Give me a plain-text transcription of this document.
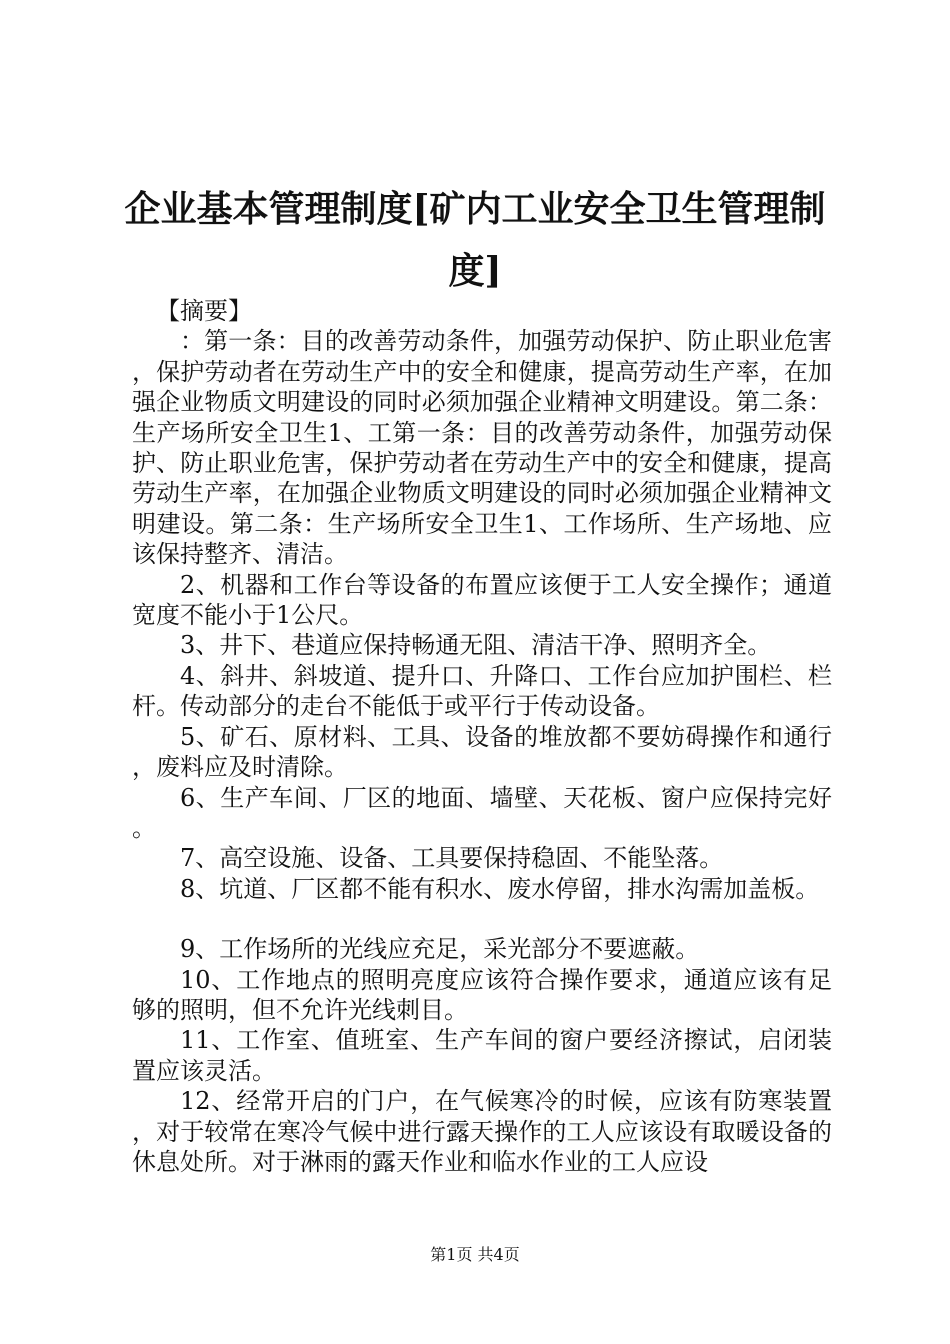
企业基本管理制度[矿内工业安全卫生管理制度]

【摘要】

：第一条：目的改善劳动条件，加强劳动保护、防止职业危害，保护劳动者在劳动生产中的安全和健康，提高劳动生产率，在加强企业物质文明建设的同时必须加强企业精神文明建设。第二条：生产场所安全卫生1、工第一条：目的改善劳动条件，加强劳动保护、防止职业危害，保护劳动者在劳动生产中的安全和健康，提高劳动生产率，在加强企业物质文明建设的同时必须加强企业精神文明建设。第二条：生产场所安全卫生1、工作场所、生产场地、应该保持整齐、清洁。

2、机器和工作台等设备的布置应该便于工人安全操作；通道宽度不能小于1公尺。

3、井下、巷道应保持畅通无阻、清洁干净、照明齐全。

4、斜井、斜坡道、提升口、升降口、工作台应加护围栏、栏杆。传动部分的走台不能低于或平行于传动设备。

5、矿石、原材料、工具、设备的堆放都不要妨碍操作和通行，废料应及时清除。

6、生产车间、厂区的地面、墙壁、天花板、窗户应保持完好。

7、高空设施、设备、工具要保持稳固、不能坠落。

8、坑道、厂区都不能有积水、废水停留，排水沟需加盖板。

9、工作场所的光线应充足，采光部分不要遮蔽。

10、工作地点的照明亮度应该符合操作要求，通道应该有足够的照明，但不允许光线刺目。

11、工作室、值班室、生产车间的窗户要经济擦试，启闭装置应该灵活。

12、经常开启的门户，在气候寒冷的时候，应该有防寒装置，对于较常在寒冷气候中进行露天操作的工人应该设有取暖设备的休息处所。对于淋雨的露天作业和临水作业的工人应设

第1页 共4页
